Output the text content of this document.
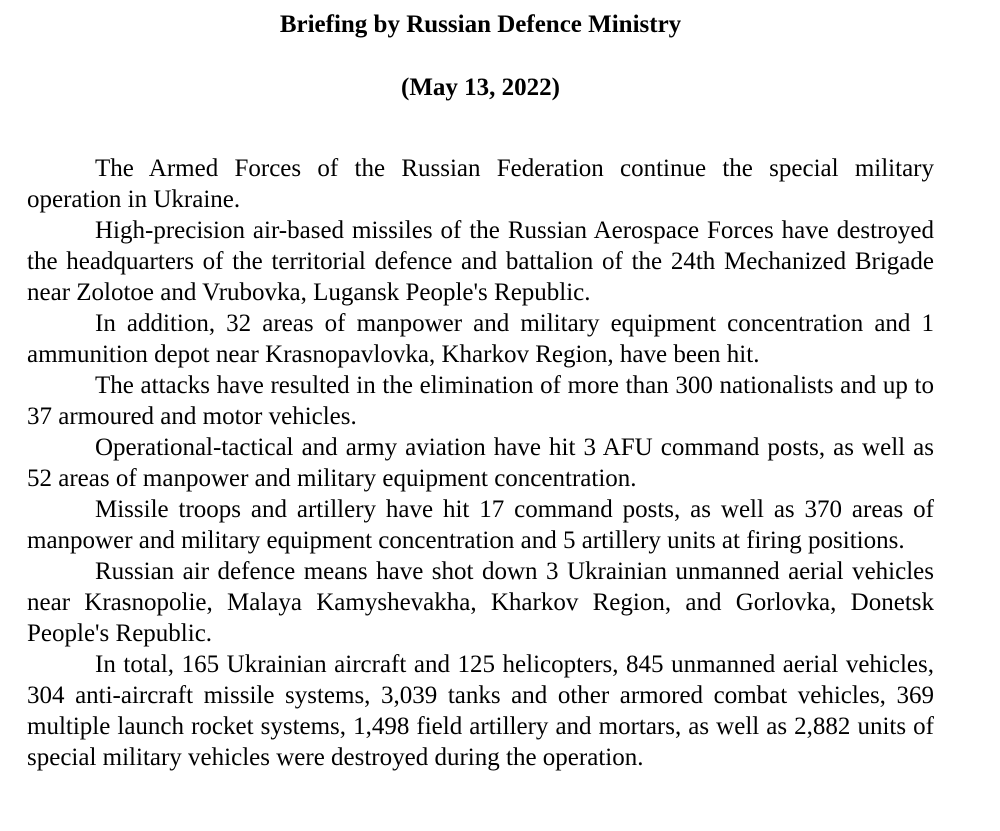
Briefing by Russian Defence Ministry
(May 13, 2022)

The Armed Forces of the Russian Federation continue the special military operation in Ukraine.

High-precision air-based missiles of the Russian Aerospace Forces have destroyed the headquarters of the territorial defence and battalion of the 24th Mechanized Brigade near Zolotoe and Vrubovka, Lugansk People's Republic.

In addition, 32 areas of manpower and military equipment concentration and 1 ammunition depot near Krasnopavlovka, Kharkov Region, have been hit.

The attacks have resulted in the elimination of more than 300 nationalists and up to 37 armoured and motor vehicles.

Operational-tactical and army aviation have hit 3 AFU command posts, as well as 52 areas of manpower and military equipment concentration.

Missile troops and artillery have hit 17 command posts, as well as 370 areas of manpower and military equipment concentration and 5 artillery units at firing positions.

Russian air defence means have shot down 3 Ukrainian unmanned aerial vehicles near Krasnopolie, Malaya Kamyshevakha, Kharkov Region, and Gorlovka, Donetsk People's Republic.

In total, 165 Ukrainian aircraft and 125 helicopters, 845 unmanned aerial vehicles, 304 anti-aircraft missile systems, 3,039 tanks and other armored combat vehicles, 369 multiple launch rocket systems, 1,498 field artillery and mortars, as well as 2,882 units of special military vehicles were destroyed during the operation.
